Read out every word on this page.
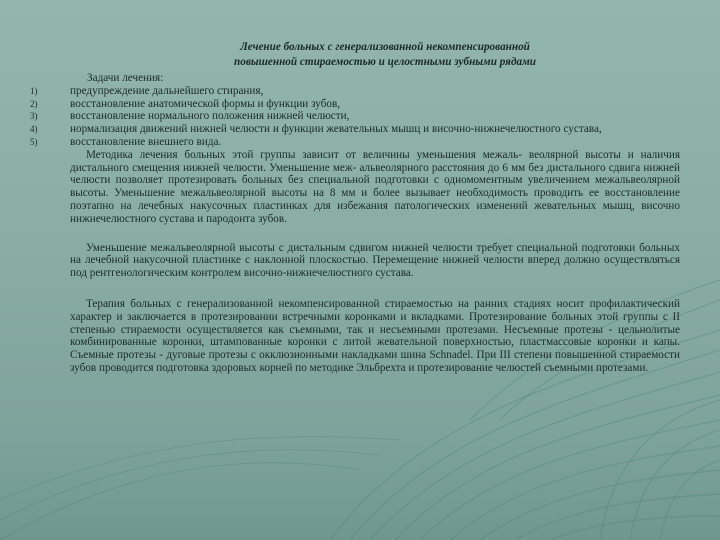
Лечение больных с генерализованной некомпенсированной
повышенной стираемостью и целостными зубными рядами
Задачи лечения:
1)	предупреждение дальнейшего стирания,
2)	восстановление анатомической формы и функции зубов,
3)	восстановление нормального положения нижней челюсти,
4)	нормализация движений нижней челюсти и функции жевательных мышц и височно-нижнечелюстного сустава,
5)	восстановление внешнего вида.

Методика лечения больных этой группы зависит от величины уменьшения межаль- веолярной высоты и наличия дистального смещения нижней челюсти. Уменьшение меж- альвеолярного расстояния до 6 мм без дистального сдвига нижней челюсти позволяет протезировать больных без специальной подготовки с одномоментным увеличением межальвеолярной высоты. Уменьшение межальвеолярной высоты на 8 мм и более вызывает необходимость проводить ее восстановление поэтапно на лечебных накусочных пластинках для избежания патологических изменений жевательных мышц, височно нижнечелюстного сустава и пародонта зубов.

Уменьшение межальвеолярной высоты с дистальным сдвигом нижней челюсти требует специальной подготовки больных на лечебной накусочной пластинке с наклонной плоскостью. Перемещение нижней челюсти вперед должно осуществляться под рентгенологическим контролем височно-нижнечелюстного сустава.

Терапия больных с генерализованной некомпенсированной стираемостью на ранних стадиях носит профилактический характер и заключается в протезировании встречными коронками и вкладками. Протезирование больных этой группы с II степенью стираемости осуществляется как съемными, так и несъемными протезами. Несъемные протезы - цельнолитые комбинированные коронки, штампованные коронки с литой жевательной поверхностью, пластмассовые коронки и капы. Съемные протезы - дуговые протезы с окклюзионными накладками шина Schnadel. При III степени повышенной стираемости зубов проводится подготовка здоровых корней по методике Эльбрехта и протезирование челюстей съемными протезами.
